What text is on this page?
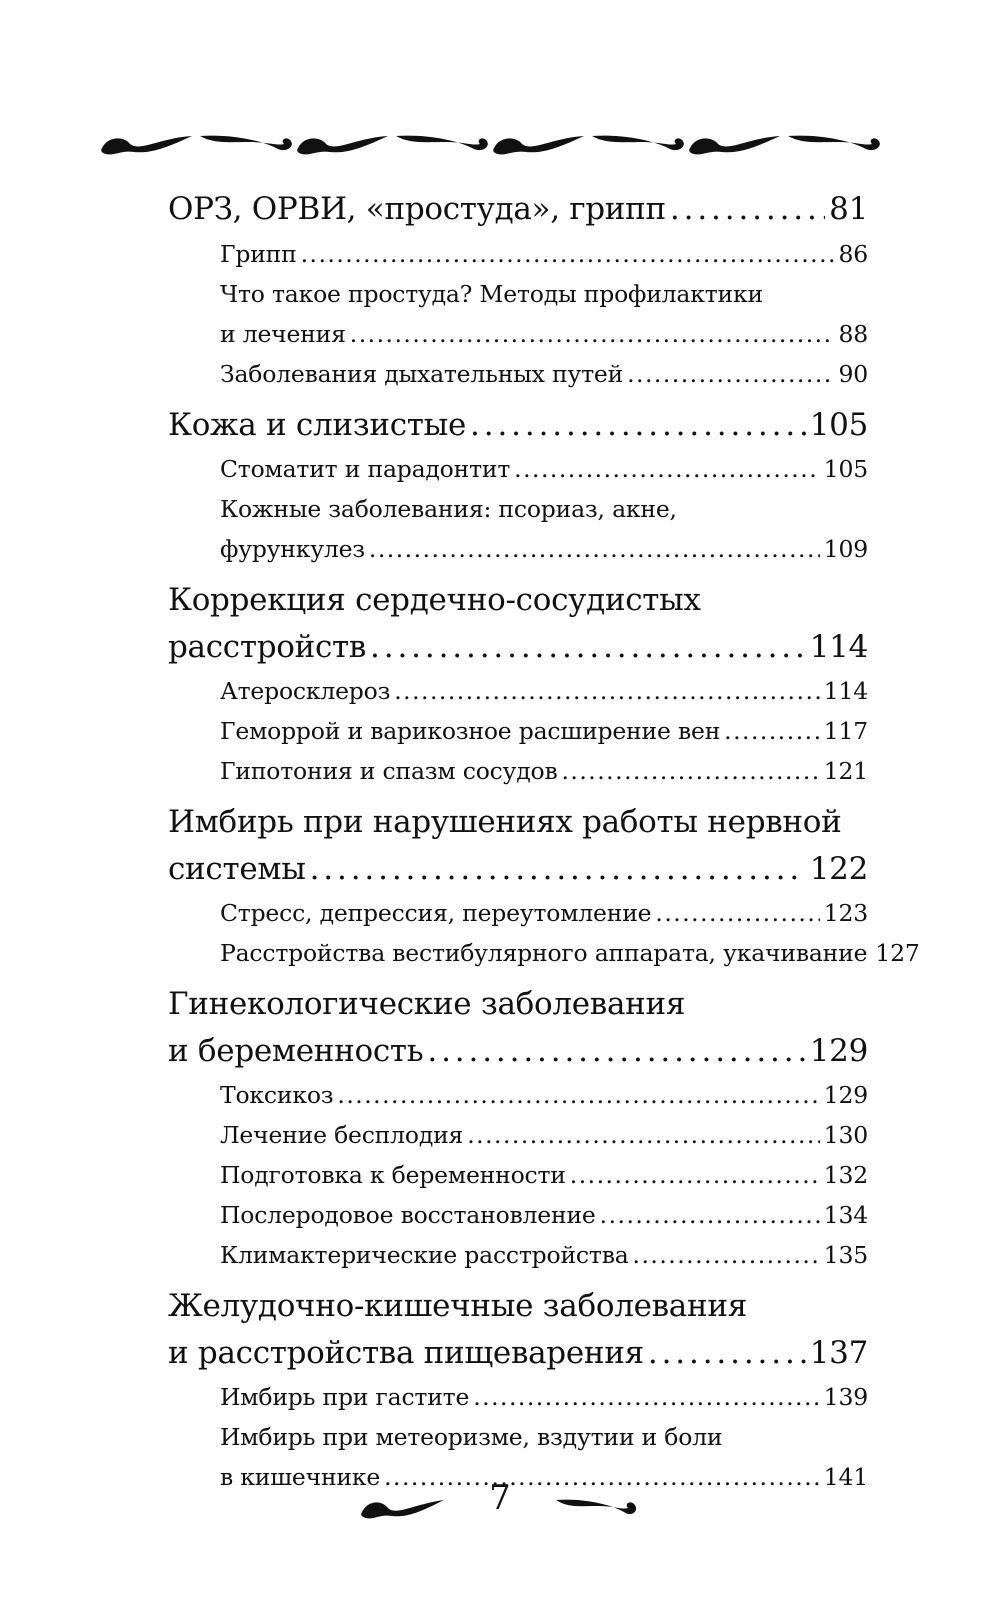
ОРЗ, ОРВИ, «простуда», грипп . . .	81
Грипп . . .	86
Что такое простуда? Методы профилактики
и лечения . . .	88
Заболевания дыхательных путей . . .	90
Кожа и слизистые . . .	105
Стоматит и парадонтит . . .	105
Кожные заболевания: псориаз, акне,
фурункулез . . .	109
Коррекция сердечно-сосудистых
расстройств . . .	114
Атеросклероз . . .	114
Геморрой и варикозное расширение вен . . .	117
Гипотония и спазм сосудов . . .	121
Имбирь при нарушениях работы нервной
системы . . .	122
Стресс, депрессия, переутомление . . .	123
Расстройства вестибулярного аппарата, укачивание 127
Гинекологические заболевания
и беременность . . .	129
Токсикоз . . .	129
Лечение бесплодия . . .	130
Подготовка к беременности . . .	132
Послеродовое восстановление . . .	134
Климактерические расстройства . . .	135
Желудочно-кишечные заболевания
и расстройства пищеварения . . .	137
Имбирь при гастите . . .	139
Имбирь при метеоризме, вздутии и боли
в кишечнике . . .	141
7
